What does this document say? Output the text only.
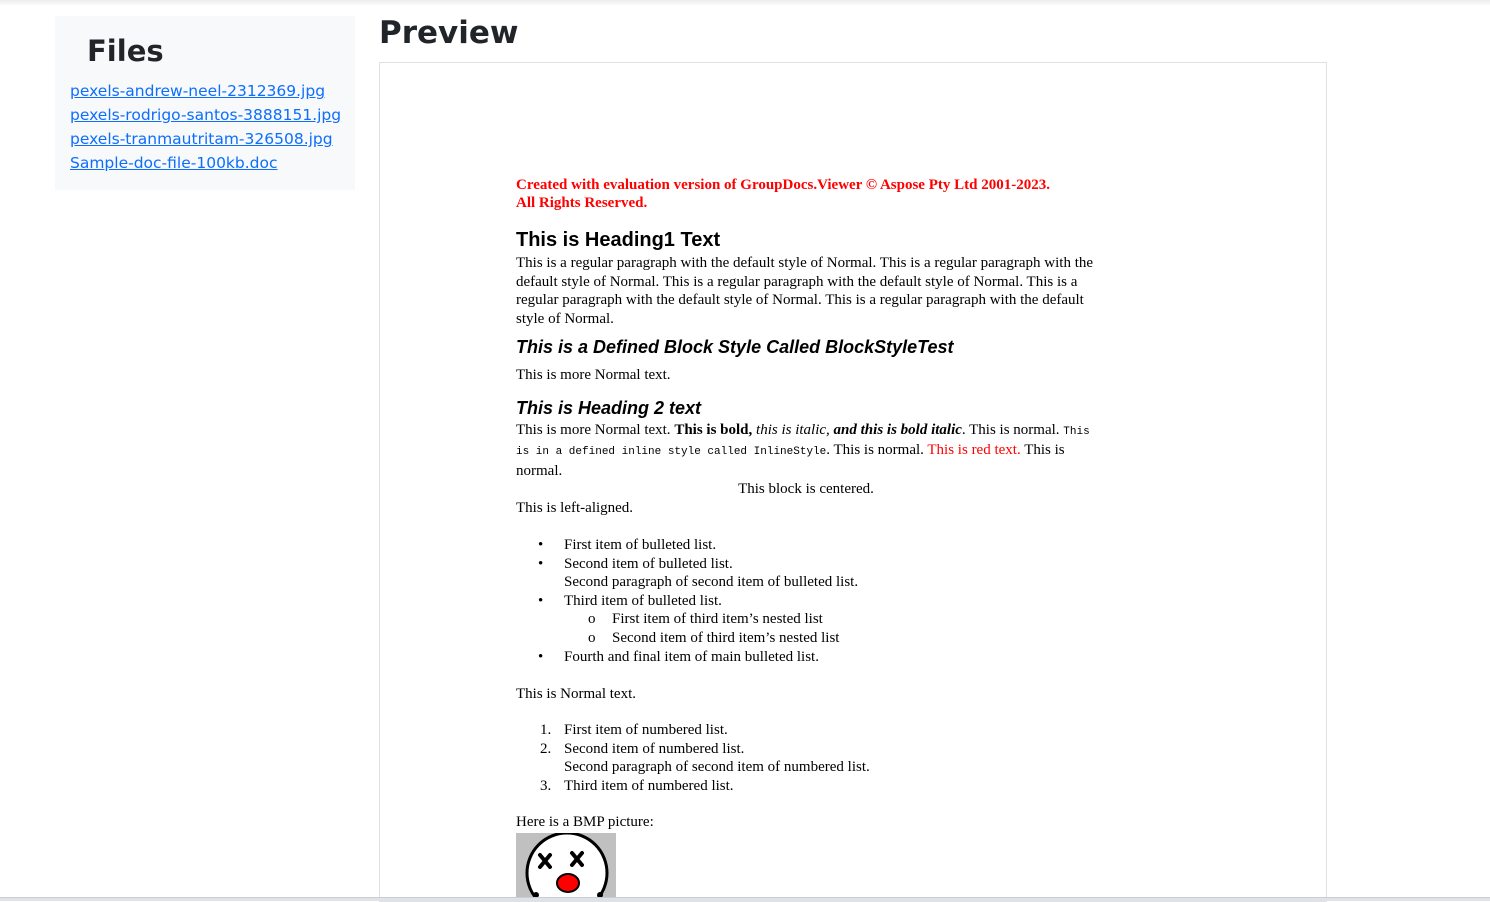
Files
pexels-andrew-neel-2312369.jpg
pexels-rodrigo-santos-3888151.jpg
pexels-tranmautritam-326508.jpg
Sample-doc-file-100kb.doc
Preview

Created with evaluation version of GroupDocs.Viewer © Aspose Pty Ltd 2001-2023.
All Rights Reserved.

This is Heading1 Text

This is a regular paragraph with the default style of Normal. This is a regular paragraph with the default style of Normal. This is a regular paragraph with the default style of Normal. This is a regular paragraph with the default style of Normal. This is a regular paragraph with the default style of Normal.

This is a Defined Block Style Called BlockStyleTest

This is more Normal text.

This is Heading 2 text

This is more Normal text. This is bold, this is italic, and this is bold italic. This is normal. This is in a defined inline style called InlineStyle. This is normal. This is red text. This is normal.

This block is centered.

This is left-aligned.

• First item of bulleted list.
• Second item of bulleted list.
Second paragraph of second item of bulleted list.
• Third item of bulleted list.
o First item of third item’s nested list
o Second item of third item’s nested list
• Fourth and final item of main bulleted list.

This is Normal text.

1. First item of numbered list.
2. Second item of numbered list.
Second paragraph of second item of numbered list.
3. Third item of numbered list.

Here is a BMP picture:
